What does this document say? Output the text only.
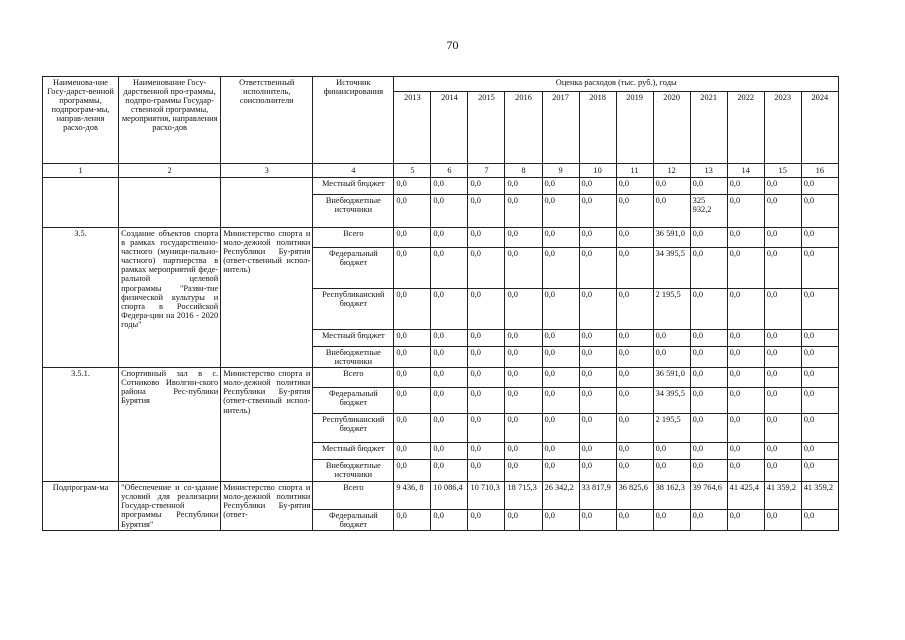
70
Наименова-ние Госу-дарст-венной программы, подпрограм-мы, направ-ления расхо-дов	Наименование Госу-дарственной про-граммы, подпро-граммы Государ-ственной программы, мероприятия, направления расхо-дов	Ответственный исполнитель, соисполнители	Источник финансирования	Оценка расходов (тыс. руб.), годы											
				2013	2014	2015	2016	2017	2018	2019	2020	2021	2022	2023	2024
1	2	3	4	5	6	7	8	9	10	11	12	13	14	15	16
			Местный бюджет	0,0	0,0	0,0	0,0	0,0	0,0	0,0	0,0	0,0	0,0	0,0	0,0
			Внебюджетные источники	0,0	0,0	0,0	0,0	0,0	0,0	0,0	0,0	325 932,2	0,0	0,0	0,0
3.5.	Создание объектов спорта в рамках государственно-частного (муници-пально-частного) партнерства в рамках мероприятий феде-ральной целевой программы "Разви-тие физической культуры и спорта в Российской Федера-ции на 2016 - 2020 годы"	Министерство спорта и моло-дежной политики Республики Бу-рятия (ответ-ственный испол-нитель)	Всего	0,0	0,0	0,0	0,0	0,0	0,0	0,0	36 591,0	0,0	0,0	0,0	0,0
			Федеральный бюджет	0,0	0,0	0,0	0,0	0,0	0,0	0,0	34 395,5	0,0	0,0	0,0	0,0
			Республиканский бюджет	0,0	0,0	0,0	0,0	0,0	0,0	0,0	2 195,5	0,0	0,0	0,0	0,0
			Местный бюджет	0,0	0,0	0,0	0,0	0,0	0,0	0,0	0,0	0,0	0,0	0,0	0,0
			Внебюджетные источники	0,0	0,0	0,0	0,0	0,0	0,0	0,0	0,0	0,0	0,0	0,0	0,0
3.5.1.	Спортивный зал в с. Сотниково Иволгин-ского района Рес-публики Бурятия	Министерство спорта и моло-дежной политики Республики Бу-рятия (ответ-ственный испол-нитель)	Всего	0,0	0,0	0,0	0,0	0,0	0,0	0,0	36 591,0	0,0	0,0	0,0	0,0
			Федеральный бюджет	0,0	0,0	0,0	0,0	0,0	0,0	0,0	34 395,5	0,0	0,0	0,0	0,0
			Республиканский бюджет	0,0	0,0	0,0	0,0	0,0	0,0	0,0	2 195,5	0,0	0,0	0,0	0,0
			Местный бюджет	0,0	0,0	0,0	0,0	0,0	0,0	0,0	0,0	0,0	0,0	0,0	0,0
			Внебюджетные источники	0,0	0,0	0,0	0,0	0,0	0,0	0,0	0,0	0,0	0,0	0,0	0,0
Подпрограм-ма	"Обеспечение и со-здание условий для реализации Государ-ственной программы Республики Бурятия"	Министерство спорта и моло-дежной политики Республики Бу-рятия (ответ-	Всего	9 436, 8	10 086,4	10 710,3	18 715,3	26 342,2	33 817,9	36 825,6	38 162,3	39 764,6	41 425,4	41 359,2	41 359,2
			Федеральный бюджет	0,0	0,0	0,0	0,0	0,0	0,0	0,0	0,0	0,0	0,0	0,0	0,0
